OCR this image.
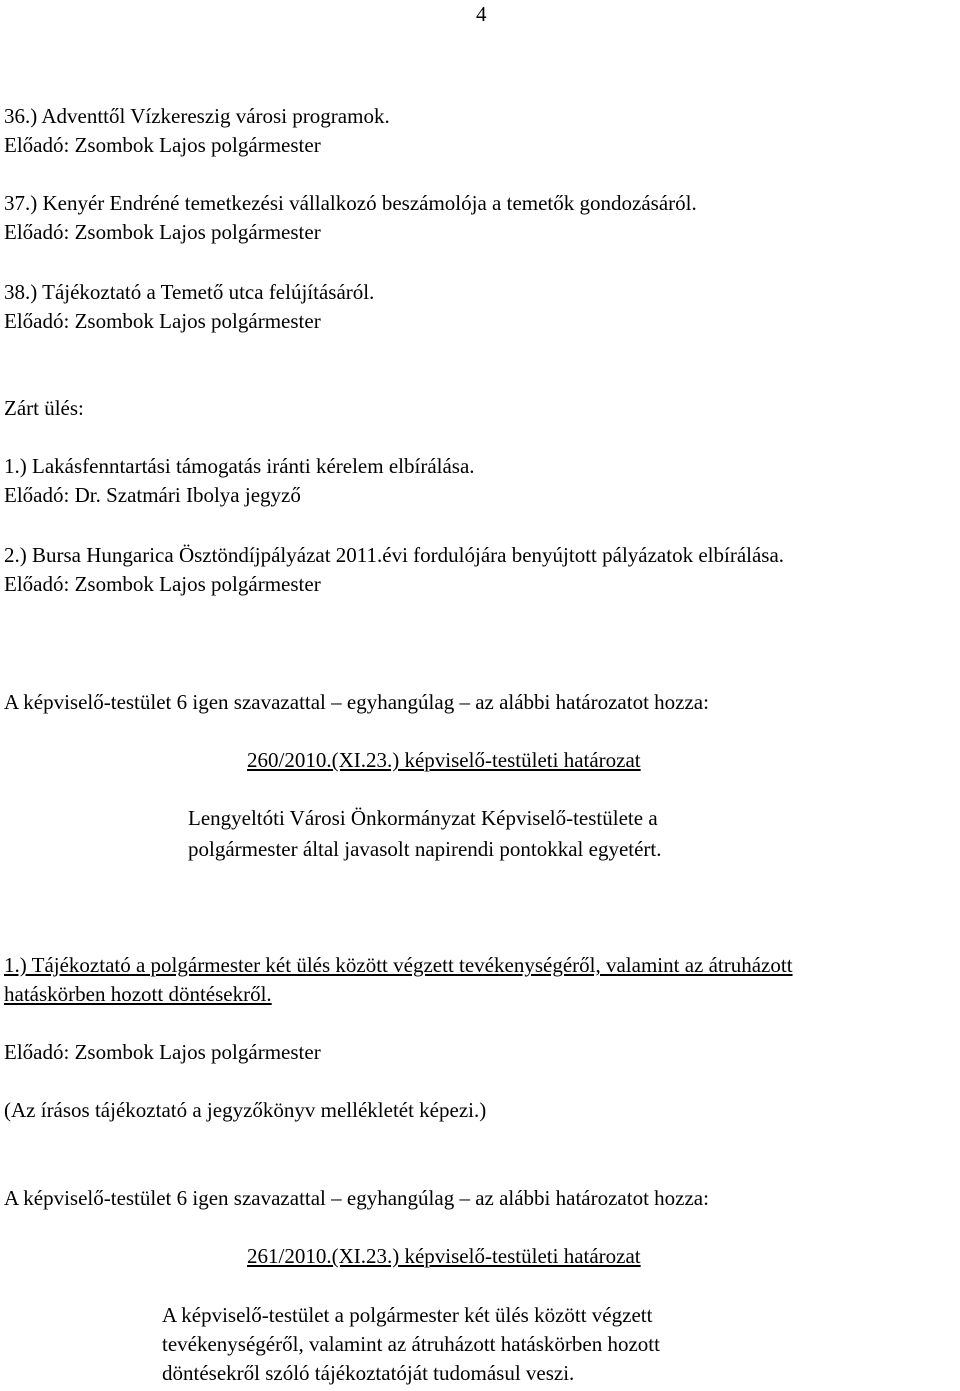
4
36.) Adventtől Vízkereszig városi programok.
Előadó: Zsombok Lajos polgármester
37.) Kenyér Endréné temetkezési vállalkozó beszámolója a temetők gondozásáról.
Előadó: Zsombok Lajos polgármester
38.) Tájékoztató a Temető utca felújításáról.
Előadó: Zsombok Lajos polgármester
Zárt ülés:
1.) Lakásfenntartási támogatás iránti kérelem elbírálása.
Előadó: Dr. Szatmári Ibolya jegyző
2.) Bursa Hungarica Ösztöndíjpályázat 2011.évi fordulójára benyújtott pályázatok elbírálása.
Előadó: Zsombok Lajos polgármester
A képviselő-testület 6 igen szavazattal – egyhangúlag – az alábbi határozatot hozza:
260/2010.(XI.23.) képviselő-testületi határozat
Lengyeltóti Városi Önkormányzat Képviselő-testülete a
polgármester által javasolt napirendi pontokkal egyetért.
1.) Tájékoztató a polgármester két ülés között végzett tevékenységéről, valamint az átruházott
hatáskörben hozott döntésekről.
Előadó: Zsombok Lajos polgármester
(Az írásos tájékoztató a jegyzőkönyv mellékletét képezi.)
A képviselő-testület 6 igen szavazattal – egyhangúlag – az alábbi határozatot hozza:
261/2010.(XI.23.) képviselő-testületi határozat
A képviselő-testület a polgármester két ülés között végzett
tevékenységéről, valamint az átruházott hatáskörben hozott
döntésekről szóló tájékoztatóját tudomásul veszi.
